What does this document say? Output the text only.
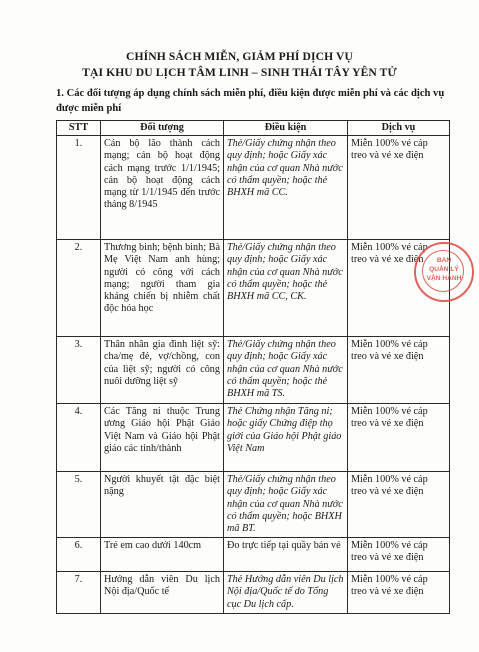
CHÍNH SÁCH MIỄN, GIẢM PHÍ DỊCH VỤ
TẠI KHU DU LỊCH TÂM LINH – SINH THÁI TÂY YÊN TỬ
1. Các đối tượng áp dụng chính sách miễn phí, điều kiện được miễn phí và các dịch vụ được miễn phí
STT	Đối tượng	Điều kiện	Dịch vụ
1.	Cán bộ lão thành cách mạng; cán bộ hoạt động cách mạng trước 1/1/1945; cán bộ hoạt động cách mạng từ 1/1/1945 đến trước tháng 8/1945	Thẻ/Giấy chứng nhận theo quy định; hoặc Giấy xác nhận của cơ quan Nhà nước có thẩm quyền; hoặc thẻ BHXH mã CC.	Miễn 100% vé cáp treo và vé xe điện
2.	Thương binh; bệnh binh; Bà Mẹ Việt Nam anh hùng; người có công với cách mạng; người tham gia kháng chiến bị nhiễm chất độc hóa học	Thẻ/Giấy chứng nhận theo quy định; hoặc Giấy xác nhận của cơ quan Nhà nước có thẩm quyền; hoặc thẻ BHXH mã CC, CK.	Miễn 100% vé cáp treo và vé xe điện
3.	Thân nhân gia đình liệt sỹ: cha/mẹ đẻ, vợ/chồng, con của liệt sỹ; người có công nuôi dưỡng liệt sỹ	Thẻ/Giấy chứng nhận theo quy định; hoặc Giấy xác nhận của cơ quan Nhà nước có thẩm quyền; hoặc thẻ BHXH mã TS.	Miễn 100% vé cáp treo và vé xe điện
4.	Các Tăng ni thuộc Trung ương Giáo hội Phật Giáo Việt Nam và Giáo hội Phật giáo các tỉnh/thành	Thẻ Chứng nhận Tăng ni; hoặc giấy Chứng điệp thọ giới của Giáo hội Phật giáo Việt Nam	Miễn 100% vé cáp treo và vé xe điện
5.	Người khuyết tật đặc biệt nặng	Thẻ/Giấy chứng nhận theo quy định; hoặc Giấy xác nhận của cơ quan Nhà nước có thẩm quyền; hoặc BHXH mã BT.	Miễn 100% vé cáp treo và vé xe điện
6.	Trẻ em cao dưới 140cm	Đo trực tiếp tại quầy bán vé	Miễn 100% vé cáp treo và vé xe điện
7.	Hướng dẫn viên Du lịch Nội địa/Quốc tế	Thẻ Hướng dẫn viên Du lịch Nội địa/Quốc tế do Tổng cục Du lịch cấp.	Miễn 100% vé cáp treo và vé xe điện
BAN
QUẢN LÝ
VẬN HÀNH
